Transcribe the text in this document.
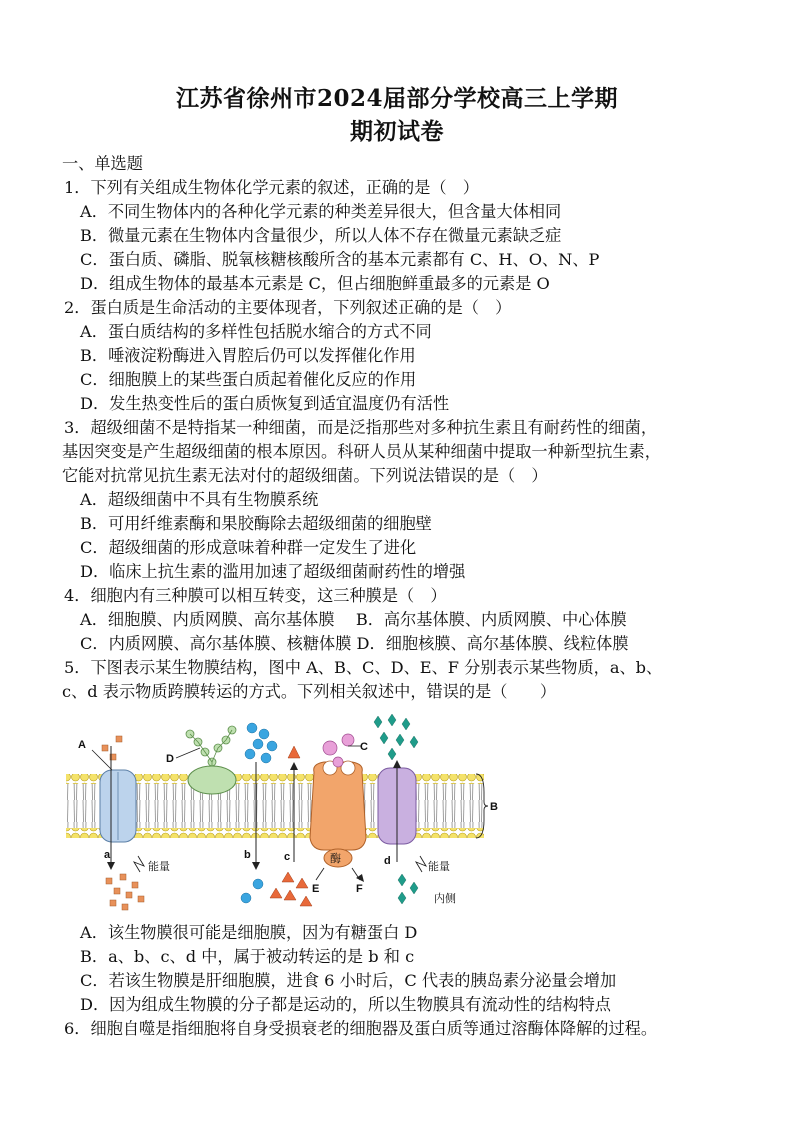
江苏省徐州市2024届部分学校高三上学期
期初试卷
一、单选题
1．下列有关组成生物体化学元素的叙述，正确的是（　）
A．不同生物体内的各种化学元素的种类差异很大，但含量大体相同
B．微量元素在生物体内含量很少，所以人体不存在微量元素缺乏症
C．蛋白质、磷脂、脱氧核糖核酸所含的基本元素都有 C、H、O、N、P
D．组成生物体的最基本元素是 C，但占细胞鲜重最多的元素是 O
2．蛋白质是生命活动的主要体现者，下列叙述正确的是（　）
A．蛋白质结构的多样性包括脱水缩合的方式不同
B．唾液淀粉酶进入胃腔后仍可以发挥催化作用
C．细胞膜上的某些蛋白质起着催化反应的作用
D．发生热变性后的蛋白质恢复到适宜温度仍有活性
3．超级细菌不是特指某一种细菌，而是泛指那些对多种抗生素且有耐药性的细菌，
基因突变是产生超级细菌的根本原因。科研人员从某种细菌中提取一种新型抗生素，
它能对抗常见抗生素无法对付的超级细菌。下列说法错误的是（　）
A．超级细菌中不具有生物膜系统
B．可用纤维素酶和果胶酶除去超级细菌的细胞壁
C．超级细菌的形成意味着种群一定发生了进化
D．临床上抗生素的滥用加速了超级细菌耐药性的增强
4．细胞内有三种膜可以相互转变，这三种膜是（　）
A．细胞膜、内质网膜、高尔基体膜　 B．高尔基体膜、内质网膜、中心体膜
C．内质网膜、高尔基体膜、核糖体膜 D．细胞核膜、高尔基体膜、线粒体膜
5．下图表示某生物膜结构，图中 A、B、C、D、E、F 分别表示某些物质，a、b、
c、d 表示物质跨膜转运的方式。下列相关叙述中，错误的是（　　）
A
D
C
B
a	b	c	d
E	F
酶
能量	能量
内侧
A．该生物膜很可能是细胞膜，因为有糖蛋白 D
B．a、b、c、d 中，属于被动转运的是 b 和 c
C．若该生物膜是肝细胞膜，进食 6 小时后，C 代表的胰岛素分泌量会增加
D．因为组成生物膜的分子都是运动的，所以生物膜具有流动性的结构特点
6．细胞自噬是指细胞将自身受损衰老的细胞器及蛋白质等通过溶酶体降解的过程。
